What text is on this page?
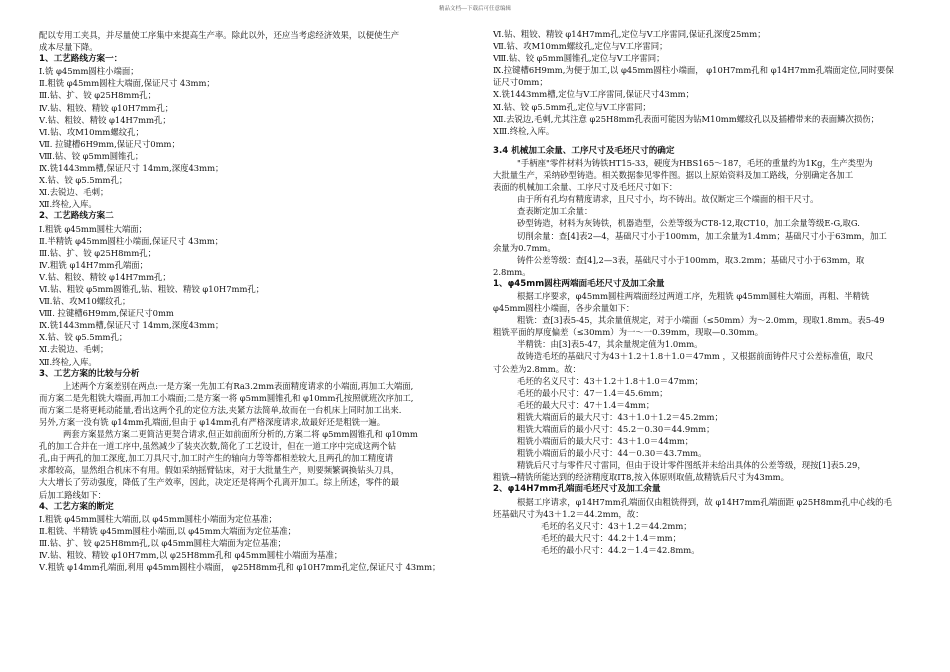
精品文档---下载后可任意编辑
配以专用工夹具，并尽量使工序集中来提高生产率。除此以外，还应当考虑经济效果，以便使生产
成本尽量下降。
1、工艺路线方案一：
Ⅰ.铣 φ45mm圆柱小端面；
Ⅱ.粗铣 φ45mm圆柱大端面,保证尺寸 43mm；
Ⅲ.钻、扩、铰 φ25H8mm孔；
Ⅳ.钻、粗铰、精铰 φ10H7mm孔；
Ⅴ.钻、粗铰、精铰 φ14H7mm孔；
Ⅵ.钻、攻M10mm螺纹孔；
Ⅶ. 拉键槽6H9mm,保证尺寸0mm；
Ⅷ.钻、铰 φ5mm圆锥孔；
Ⅸ.铣1443mm槽,保证尺寸 14mm,深度43mm；
Ⅹ.钻、铰 φ5.5mm孔；
Ⅺ.去锐边、毛刺；
Ⅻ.终检,入库。
2、工艺路线方案二
Ⅰ.粗铣 φ45mm圆柱大端面；
Ⅱ.半精铣 φ45mm圆柱小端面,保证尺寸 43mm；
Ⅲ.钻、扩、铰 φ25H8mm孔；
Ⅳ.粗铣 φ14H7mm孔端面；
Ⅴ.钻、粗铰、精铰 φ14H7mm孔；
Ⅵ.钻、粗铰 φ5mm圆锥孔,钻、粗铰、精铰 φ10H7mm孔；
Ⅶ.钻、攻M10螺纹孔；
Ⅷ. 拉键槽6H9mm,保证尺寸0mm
Ⅸ.铣1443mm槽,保证尺寸 14mm,深度43mm；
Ⅹ.钻、铰 φ5.5mm孔；
Ⅺ.去锐边、毛刺；
Ⅻ.终检,入库。
3、工艺方案的比较与分析
上述两个方案差别在两点:一是方案一先加工有Ra3.2mm表面精度请求的小端面,再加工大端面,
而方案二是先粗铣大端面,再加工小端面;二是方案一将 φ5mm圆锥孔和 φ10mm孔按照就班次序加工,
而方案二是将更耗动能量,看出这两个孔的定位方法,夹紧方法简单,故而在一台机床上同时加工出来.
另外,方案一没有铣 φ14mm孔端面,但由于 φ14mm孔有严格深度请求,故最好还是粗铣一遍。
两套方案显然方案二更简洁更契合请求,但正如前面所分析的,方案二将 φ5mm圆锥孔和 φ10mm
孔的加工合并在一道工序中,虽然减少了装夹次数,简化了工艺设计，但在一道工序中完成这两个钻
孔,由于两孔的加工深度,加工刀具尺寸,加工时产生的轴向力等等都相差较大,且两孔的加工精度请
求都较高，显然组合机床不有用。假如采纳摇臂钻床，对于大批量生产，则要频繁调换钻头刀具，
大大增长了劳动强度，降低了生产效率，因此，决定还是将两个孔离开加工。综上所述，零件的最
后加工路线如下：
4、工艺方案的断定
Ⅰ.粗铣 φ45mm圆柱大端面,以 φ45mm圆柱小端面为定位基准；
Ⅱ.粗铣、半精铣 φ45mm圆柱小端面,以 φ45mm大端面为定位基准；
Ⅲ.钻、扩、铰 φ25H8mm孔,以 φ45mm圆柱大端面为定位基准；
Ⅳ.钻、粗铰、精铰 φ10H7mm,以 φ25H8mm孔和 φ45mm圆柱小端面为基准；
Ⅴ.粗铣 φ14mm孔端面,利用 φ45mm圆柱小端面， φ25H8mm孔和 φ10H7mm孔定位,保证尺寸 43mm；
Ⅵ.钻、粗铰、精铰 φ14H7mm孔,定位与Ⅴ工序雷同,保证孔深度25mm；
Ⅶ.钻、攻M10mm螺纹孔,定位与Ⅴ工序雷同；
Ⅷ.钻、铰 φ5mm圆锥孔,定位与Ⅴ工序雷同；
Ⅸ.拉键槽6H9mm,为便于加工,以 φ45mm圆柱小端面， φ10H7mm孔和 φ14H7mm孔端面定位,同时要保
证尺寸0mm；
Ⅹ.铣1443mm槽,定位与Ⅴ工序雷同,保证尺寸43mm；
Ⅺ.钻、铰 φ5.5mm孔,定位与Ⅴ工序雷同；
Ⅻ.去锐边,毛刺,尤其注意 φ25H8mm孔表面可能因为钻M10mm螺纹孔以及插槽带来的表面鳞次损伤；
ⅩⅢ.终检,入库。
3.4 机械加工余量、工序尺寸及毛坯尺寸的确定
"手柄座"零件材料为铸铁HT15-33，硬度为HBS165～187，毛坯的重量约为1Kg，生产类型为
大批量生产，采纳砂型铸造。相关数据参见零件图。据以上原始资料及加工路线，分别确定各加工
表面的机械加工余量、工序尺寸及毛坯尺寸如下：
由于所有孔均有精度请求，且尺寸小，均不铸出。故仅断定三个端面的相干尺寸。
查表断定加工余量：
砂型铸造，材料为灰铸铁，机器造型，公差等级为CT8-12,取CT10，加工余量等级E-G,取G.
切削余量：查[4]表2—4，基础尺寸小于100mm，加工余量为1.4mm；基础尺寸小于63mm，加工
余量为0.7mm。
铸件公差等级：查[4],2—3表，基础尺寸小于100mm，取3.2mm；基础尺寸小于63mm，取
2.8mm。
1、φ45mm圆柱两端面毛坯尺寸及加工余量
根据工序要求，φ45mm圆柱两端面经过两道工序，先粗铣 φ45mm圆柱大端面，再粗、半精铣
φ45mm圆柱小端面，各步余量如下：
粗铣：查[3]表5-45，其余量值规定，对于小端面（≤50mm）为～2.0mm，现取1.8mm。表5-49
粗铣平面的厚度偏差（≤30mm）为一～一0.39mm，现取—0.30mm。
半精铣：由[3]表5-47，其余量规定值为1.0mm。
故铸造毛坯的基础尺寸为43＋1.2＋1.8＋1.0＝47mm ，又根据前面铸件尺寸公差标准值，取尺
寸公差为2.8mm。故：
毛坯的名义尺寸：43＋1.2＋1.8＋1.0＝47mm；
毛坯的最小尺寸：47－1.4＝45.6mm；
毛坯的最大尺寸：47＋1.4＝4mm；
粗铣大端面后的最大尺寸：43＋1.0＋1.2＝45.2mm；
粗铣大端面后的最小尺寸：45.2－0.30＝44.9mm；
粗铣小端面后的最大尺寸：43＋1.0＝44mm；
粗铣小端面后的最小尺寸：44－0.30＝43.7mm。
精铣后尺寸与零件尺寸雷同，但由于设计零件图纸并未给出具体的公差等级，现按[1]表5.29，
粗铣→精铣所能达到的经济精度取IT8,按入体原则取值,故精铣后尺寸为43mm。
2、φ14H7mm孔端面毛坯尺寸及加工余量
根据工序请求，φ14H7mm孔端面仅由粗铣得到，故 φ14H7mm孔端面距 φ25H8mm孔中心线的毛
坯基础尺寸为43＋1.2＝44.2mm，故：
毛坯的名义尺寸：43＋1.2＝44.2mm；
毛坯的最大尺寸：44.2＋1.4＝mm；
毛坯的最小尺寸：44.2－1.4＝42.8mm。
